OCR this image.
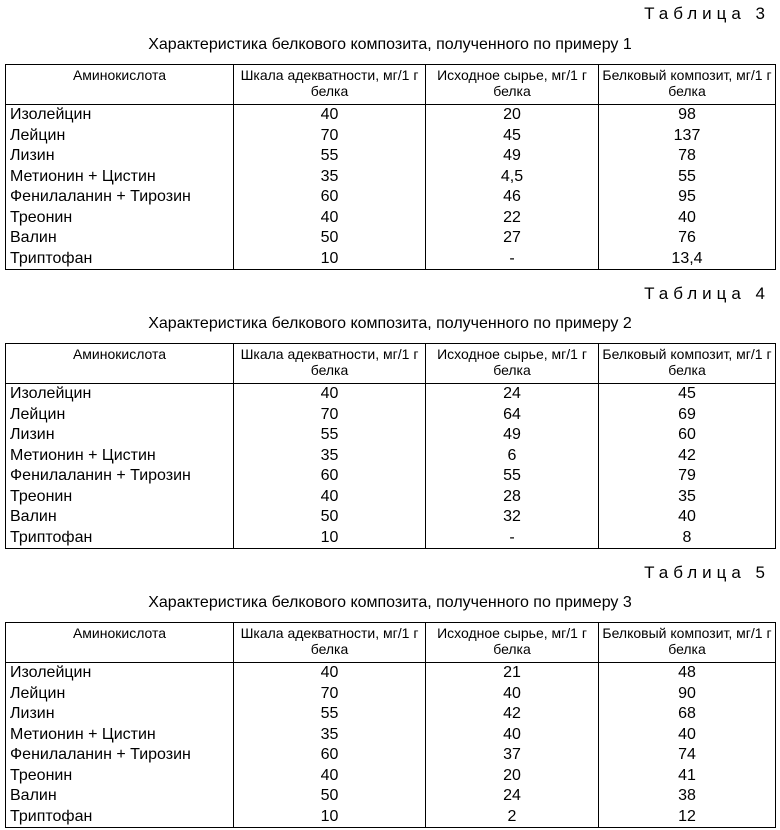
Таблица 3
Характеристика белкового композита, полученного по примеру 1
Аминокислота	Шкала адекватности, мг/1 г белка	Исходное сырье, мг/1 г белка	Белковый композит, мг/1 г белка
Изолейцин	40	20	98
Лейцин	70	45	137
Лизин	55	49	78
Метионин + Цистин	35	4,5	55
Фенилаланин + Тирозин	60	46	95
Треонин	40	22	40
Валин	50	27	76
Триптофан	10	-	13,4
Таблица 4
Характеристика белкового композита, полученного по примеру 2
Аминокислота	Шкала адекватности, мг/1 г белка	Исходное сырье, мг/1 г белка	Белковый композит, мг/1 г белка
Изолейцин	40	24	45
Лейцин	70	64	69
Лизин	55	49	60
Метионин + Цистин	35	6	42
Фенилаланин + Тирозин	60	55	79
Треонин	40	28	35
Валин	50	32	40
Триптофан	10	-	8
Таблица 5
Характеристика белкового композита, полученного по примеру 3
Аминокислота	Шкала адекватности, мг/1 г белка	Исходное сырье, мг/1 г белка	Белковый композит, мг/1 г белка
Изолейцин	40	21	48
Лейцин	70	40	90
Лизин	55	42	68
Метионин + Цистин	35	40	40
Фенилаланин + Тирозин	60	37	74
Треонин	40	20	41
Валин	50	24	38
Триптофан	10	2	12
